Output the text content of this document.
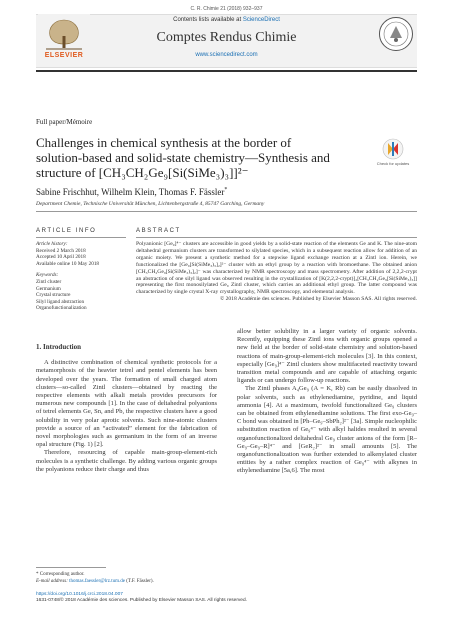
C. R. Chimie 21 (2018) 932–937
ELSEVIER
Contents lists available at ScienceDirect
Comptes Rendus Chimie
www.sciencedirect.com
Full paper/Mémoire
Challenges in chemical synthesis at the border of solution-based and solid-state chemistry—Synthesis and structure of [CH₃CH₂Ge₉[Si(SiMe₃)₃]]²⁻
Check for updates
Sabine Frischhut, Wilhelm Klein, Thomas F. Fässler*
Department Chemie, Technische Universität München, Lichtenbergstraße 4, 85747 Garching, Germany
ARTICLE INFO	ABSTRACT
Article history:
Received 2 March 2018
Accepted 10 April 2018
Available online 10 May 2018
Keywords:
Zintl cluster
Germanium
Crystal structure
Silyl ligand abstraction
Organofunctionalization
Polyanionic [Ge₉]⁴⁻ clusters are accessible in good yields by a solid-state reaction of the elements Ge and K. The nine-atom deltahedral germanium clusters are transformed to silylated species, which in a subsequent reaction allow for addition of an organic moiety. We present a synthetic method for a stepwise ligand exchange reaction at a Zintl ion. Herein, we functionalized the [Ge₉[Si(SiMe₃)₃]₂]²⁻ cluster with an ethyl group by a reaction with bromoethane. The obtained anion [CH₃CH₂Ge₉[Si(SiMe₃)₃]₂]⁻ was characterized by NMR spectroscopy and mass spectrometry. After addition of 2,2,2-crypt an abstraction of one silyl ligand was observed resulting in the crystallization of [K(2,2,2-crypt)]₂[CH₃CH₂Ge₉[Si(SiMe₃)₃]] representing the first monosilylated Ge₉ Zintl cluster, which carries an additional ethyl group. The latter compound was characterized by single crystal X-ray crystallography, NMR spectroscopy, and elemental analysis.
© 2018 Académie des sciences. Published by Elsevier Masson SAS. All rights reserved.
1. Introduction

A distinctive combination of chemical synthetic protocols for a metamorphosis of the heavier tetrel and pentel elements has been developed over the years. The formation of small charged atom clusters—so-called Zintl clusters—obtained by reacting the respective elements with alkali metals provides precursors for numerous new compounds [1]. In the case of deltahedral polyanions of tetrel elements Ge, Sn, and Pb, the respective clusters have a good solubility in very polar aprotic solvents. Such nine-atomic clusters provide a source of an “activated” element for the fabrication of novel morphologies such as germanium in the form of an inverse opal structure (Fig. 1) [2].

Therefore, resourcing of capable main-group-element-rich molecules is a synthetic challenge. By adding various organic groups the polyanions reduce their charge and thus

allow better solubility in a larger variety of organic solvents. Recently, equipping these Zintl ions with organic groups opened a new field at the border of solid-state chemistry and solution-based reactions of main-group-element-rich molecules [3]. In this context, especially [Ge₉]⁴⁻ Zintl clusters show multifaceted reactivity toward transition metal compounds and are capable of attaching organic ligands or can undergo follow-up reactions.

The Zintl phases A₄Ge₉ (A = K, Rb) can be easily dissolved in polar solvents, such as ethylenediamine, pyridine, and liquid ammonia [4]. At a maximum, twofold functionalized Ge₉ clusters can be obtained from ethylenediamine solutions. The first exo-Ge₉–C bond was obtained in [Ph–Ge₉–SbPh₂]²⁻ [3a]. Simple nucleophilic substitution reaction of Ge₉⁴⁻ with alkyl halides resulted in several organofunctionalized deltahedral Ge₉ cluster anions of the form [R–Ge₉–Ge₉–R]⁴⁻ and [GeR₂]²⁻ in small amounts [5]. The organofunctionalization was further extended to alkenylated cluster entities by a rather complex reaction of Ge₉⁴⁻ with alkynes in ethylenediamine [5a,6]. The most

* Corresponding author.
E-mail address: thomas.faessler@lrz.tum.de (T.F. Fässler).
https://doi.org/10.1016/j.crci.2018.04.007
1631-0748/© 2018 Académie des sciences. Published by Elsevier Masson SAS. All rights reserved.
